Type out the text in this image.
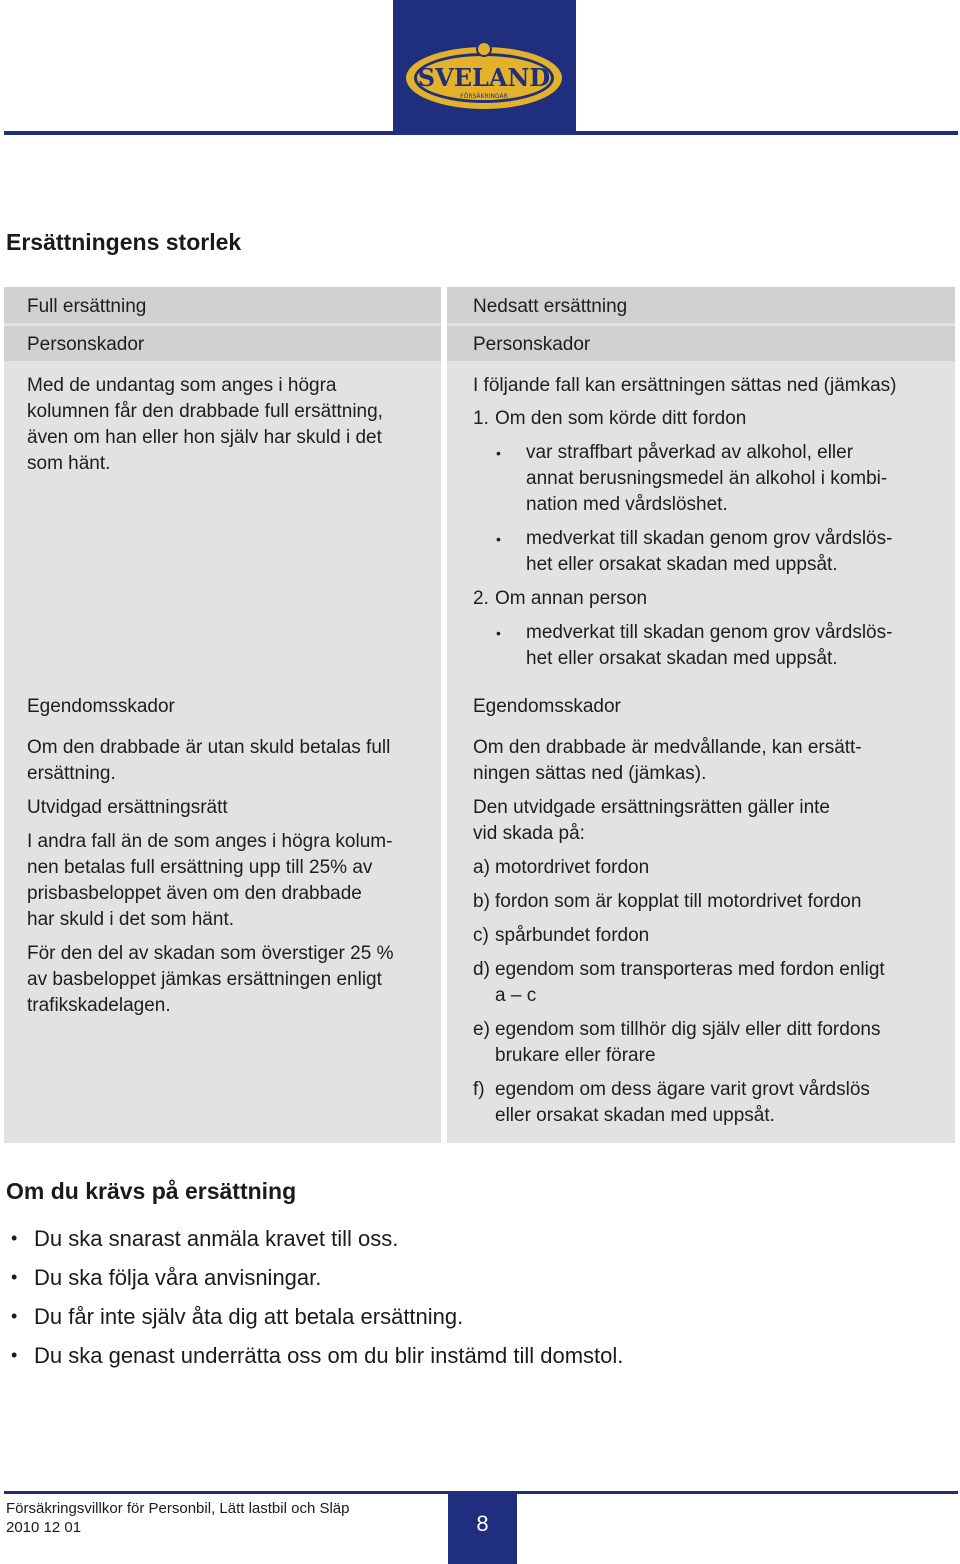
SVELAND
FÖRSÄKRINGAR
Ersättningens storlek
Full ersättning
Personskador
Med de undantag som anges i högra
kolumnen får den drabbade full ersättning,
även om han eller hon själv har skuld i det
som hänt.
Egendomsskador
Om den drabbade är utan skuld betalas full
ersättning.
Utvidgad ersättningsrätt
I andra fall än de som anges i högra kolum-
nen betalas full ersättning upp till 25% av
prisbasbeloppet även om den drabbade
har skuld i det som hänt.
För den del av skadan som överstiger 25 %
av basbeloppet jämkas ersättningen enligt
trafikskadelagen.
Nedsatt ersättning
Personskador
I följande fall kan ersättningen sättas ned (jämkas)
1. Om den som körde ditt fordon
• var straffbart påverkad av alkohol, eller
annat berusningsmedel än alkohol i kombi-
nation med vårdslöshet.
• medverkat till skadan genom grov vårdslös-
het eller orsakat skadan med uppsåt.
2. Om annan person
• medverkat till skadan genom grov vårdslös-
het eller orsakat skadan med uppsåt.
Egendomsskador
Om den drabbade är medvållande, kan ersätt-
ningen sättas ned (jämkas).
Den utvidgade ersättningsrätten gäller inte
vid skada på:
a) motordrivet fordon
b) fordon som är kopplat till motordrivet fordon
c) spårbundet fordon
d) egendom som transporteras med fordon enligt
a – c
e) egendom som tillhör dig själv eller ditt fordons
brukare eller förare
f) egendom om dess ägare varit grovt vårdslös
eller orsakat skadan med uppsåt.
Om du krävs på ersättning
• Du ska snarast anmäla kravet till oss.
• Du ska följa våra anvisningar.
• Du får inte själv åta dig att betala ersättning.
• Du ska genast underrätta oss om du blir instämd till domstol.
Försäkringsvillkor för Personbil, Lätt lastbil och Släp
2010 12 01	8
